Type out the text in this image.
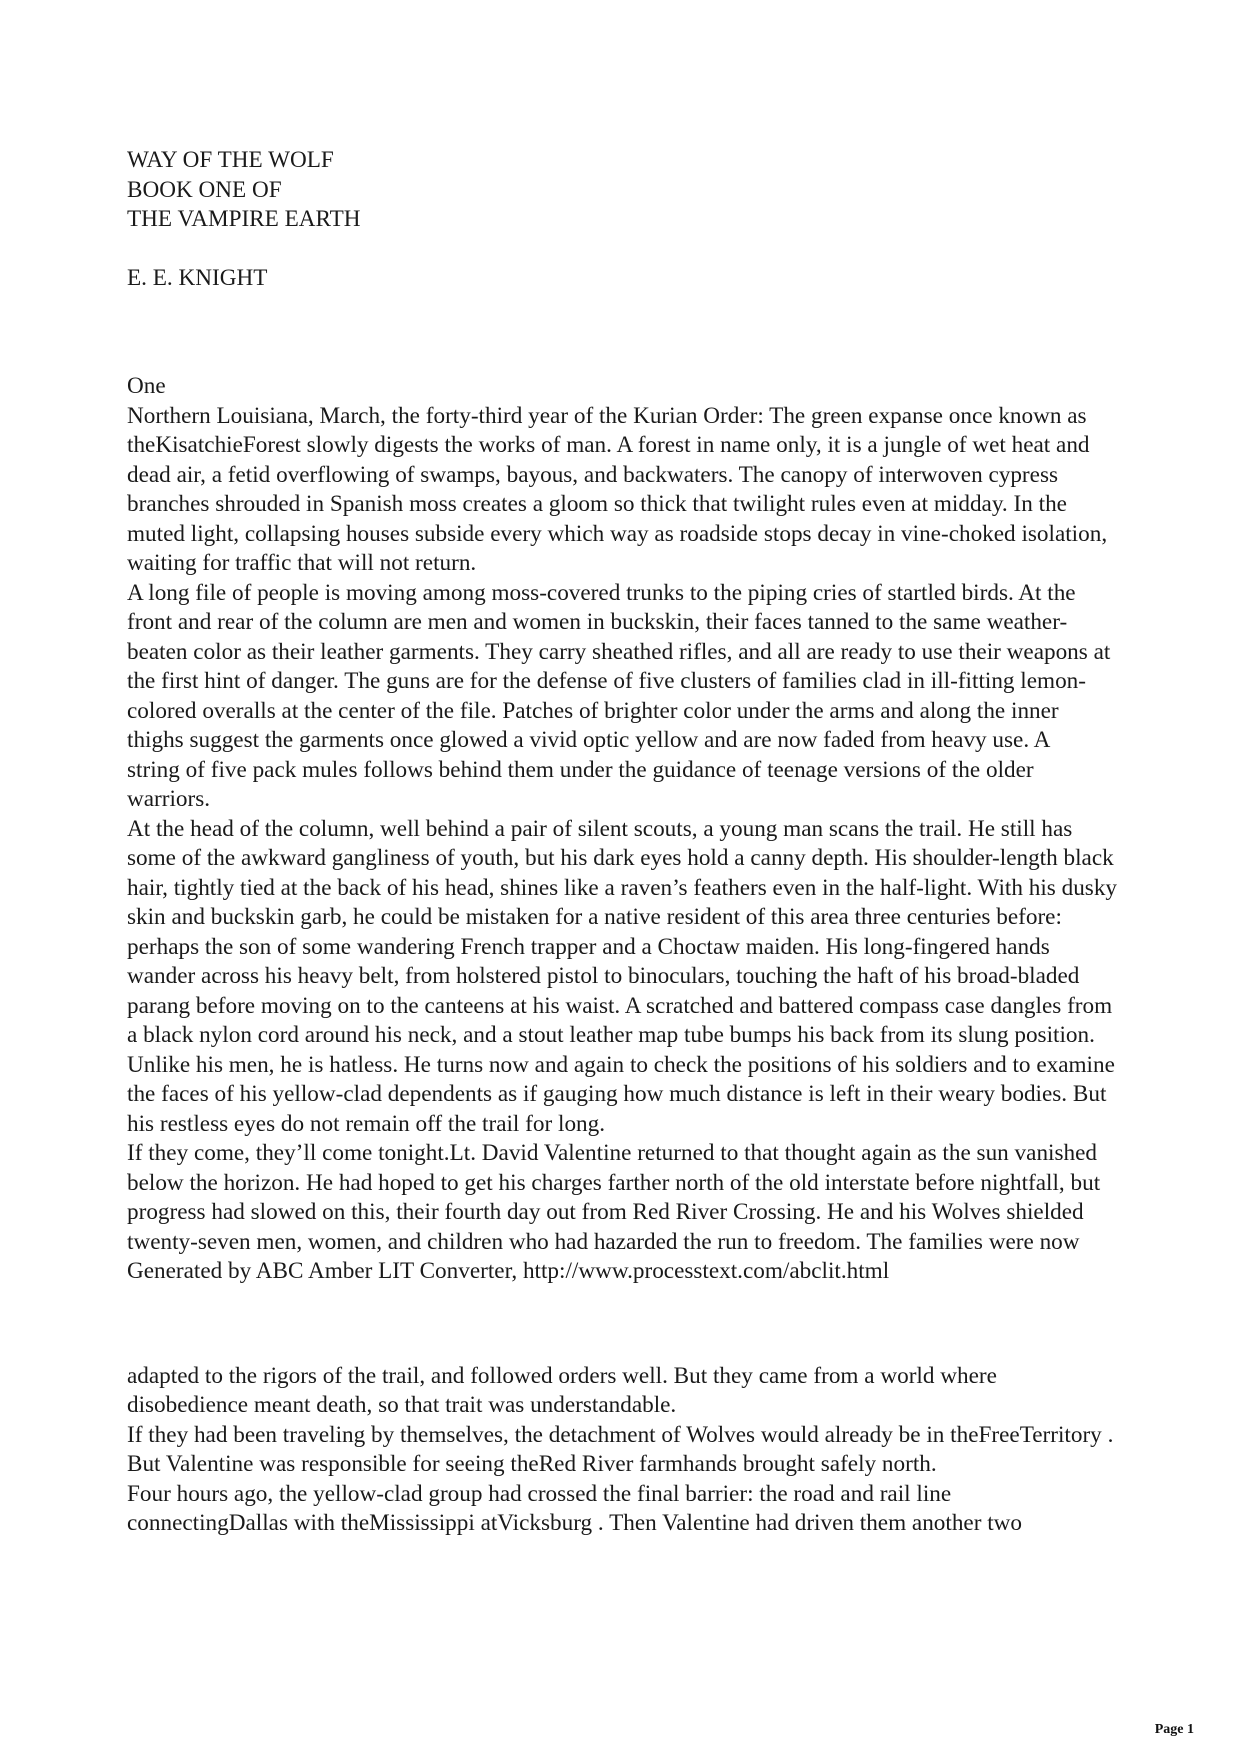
WAY OF THE WOLF
BOOK ONE OF
THE VAMPIRE EARTH
E. E. KNIGHT
One

Northern Louisiana, March, the forty-third year of the Kurian Order: The green expanse once known as theKisatchieForest slowly digests the works of man. A forest in name only, it is a jungle of wet heat and dead air, a fetid overflowing of swamps, bayous, and backwaters. The canopy of interwoven cypress branches shrouded in Spanish moss creates a gloom so thick that twilight rules even at midday. In the muted light, collapsing houses subside every which way as roadside stops decay in vine-choked isolation, waiting for traffic that will not return.

A long file of people is moving among moss-covered trunks to the piping cries of startled birds. At the front and rear of the column are men and women in buckskin, their faces tanned to the same weather-beaten color as their leather garments. They carry sheathed rifles, and all are ready to use their weapons at the first hint of danger. The guns are for the defense of five clusters of families clad in ill-fitting lemon-colored overalls at the center of the file. Patches of brighter color under the arms and along the inner thighs suggest the garments once glowed a vivid optic yellow and are now faded from heavy use. A

string of five pack mules follows behind them under the guidance of teenage versions of the older warriors.

At the head of the column, well behind a pair of silent scouts, a young man scans the trail. He still has some of the awkward gangliness of youth, but his dark eyes hold a canny depth. His shoulder-length black hair, tightly tied at the back of his head, shines like a raven’s feathers even in the half-light. With his dusky skin and buckskin garb, he could be mistaken for a native resident of this area three centuries before: perhaps the son of some wandering French trapper and a Choctaw maiden. His long-fingered hands wander across his heavy belt, from holstered pistol to binoculars, touching the haft of his broad-bladed parang before moving on to the canteens at his waist. A scratched and battered compass case dangles from a black nylon cord around his neck, and a stout leather map tube bumps his back from its slung position. Unlike his men, he is hatless. He turns now and again to check the positions of his soldiers and to examine the faces of his yellow-clad dependents as if gauging how much distance is left in their weary bodies. But his restless eyes do not remain off the trail for long.

If they come, they’ll come tonight.Lt. David Valentine returned to that thought again as the sun vanished below the horizon. He had hoped to get his charges farther north of the old interstate before nightfall, but progress had slowed on this, their fourth day out from Red River Crossing. He and his Wolves shielded twenty-seven men, women, and children who had hazarded the run to freedom. The families were now

Generated by ABC Amber LIT Converter, http://www.processtext.com/abclit.html

adapted to the rigors of the trail, and followed orders well. But they came from a world where disobedience meant death, so that trait was understandable.

If they had been traveling by themselves, the detachment of Wolves would already be in theFreeTerritory . But Valentine was responsible for seeing theRed River farmhands brought safely north.

Four hours ago, the yellow-clad group had crossed the final barrier: the road and rail line connectingDallas with theMississippi atVicksburg . Then Valentine had driven them another two

Page 1
